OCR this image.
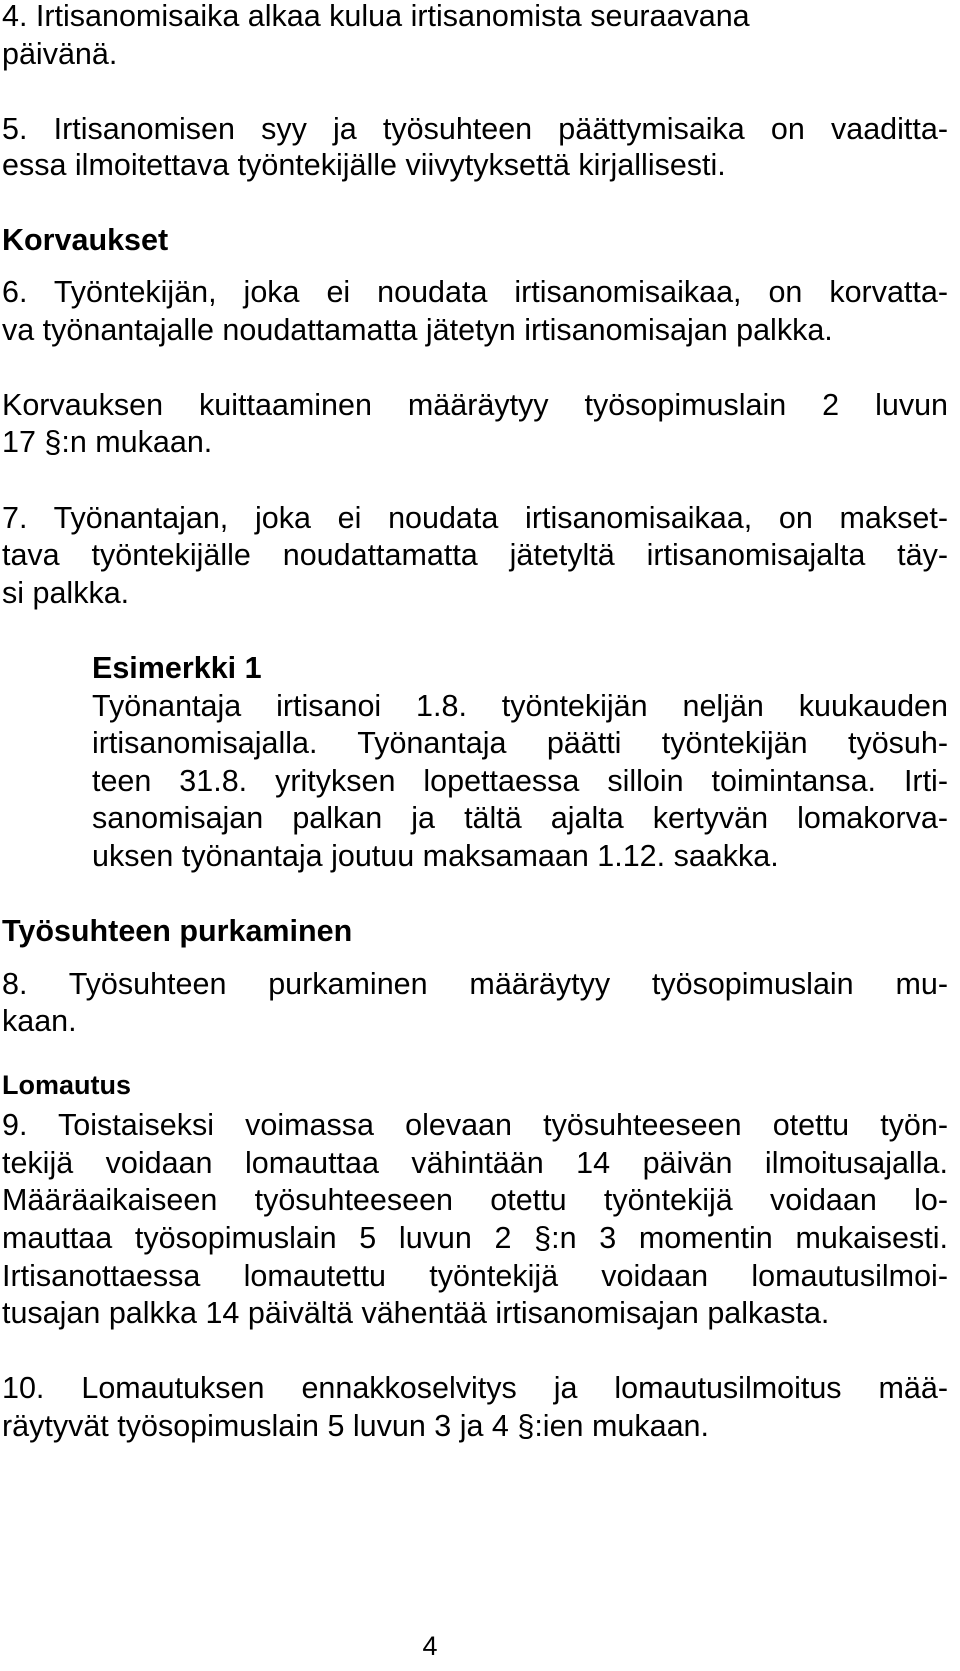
4. Irtisanomisaika alkaa kulua irtisanomista seuraavana
päivänä.
5. Irtisanomisen syy ja työsuhteen päättymisaika on vaaditta-
essa ilmoitettava työntekijälle viivytyksettä kirjallisesti.
Korvaukset
6. Työntekijän, joka ei noudata irtisanomisaikaa, on korvatta-
va työnantajalle noudattamatta jätetyn irtisanomisajan palkka.
Korvauksen kuittaaminen määräytyy työsopimuslain 2 luvun
17 §:n mukaan.
7. Työnantajan, joka ei noudata irtisanomisaikaa, on makset-
tava työntekijälle noudattamatta jätetyltä irtisanomisajalta täy-
si palkka.
Esimerkki 1
Työnantaja irtisanoi 1.8. työntekijän neljän kuukauden
irtisanomisajalla. Työnantaja päätti työntekijän työsuh-
teen 31.8. yrityksen lopettaessa silloin toimintansa. Irti-
sanomisajan palkan ja tältä ajalta kertyvän lomakorva-
uksen työnantaja joutuu maksamaan 1.12. saakka.
Työsuhteen purkaminen
8. Työsuhteen purkaminen määräytyy työsopimuslain mu-
kaan.
Lomautus
9. Toistaiseksi voimassa olevaan työsuhteeseen otettu työn-
tekijä voidaan lomauttaa vähintään 14 päivän ilmoitusajalla.
Määräaikaiseen työsuhteeseen otettu työntekijä voidaan lo-
mauttaa työsopimuslain 5 luvun 2 §:n 3 momentin mukaisesti.
Irtisanottaessa lomautettu työntekijä voidaan lomautusilmoi-
tusajan palkka 14 päivältä vähentää irtisanomisajan palkasta.
10. Lomautuksen ennakkoselvitys ja lomautusilmoitus mää-
räytyvät työsopimuslain 5 luvun 3 ja 4 §:ien mukaan.
4
